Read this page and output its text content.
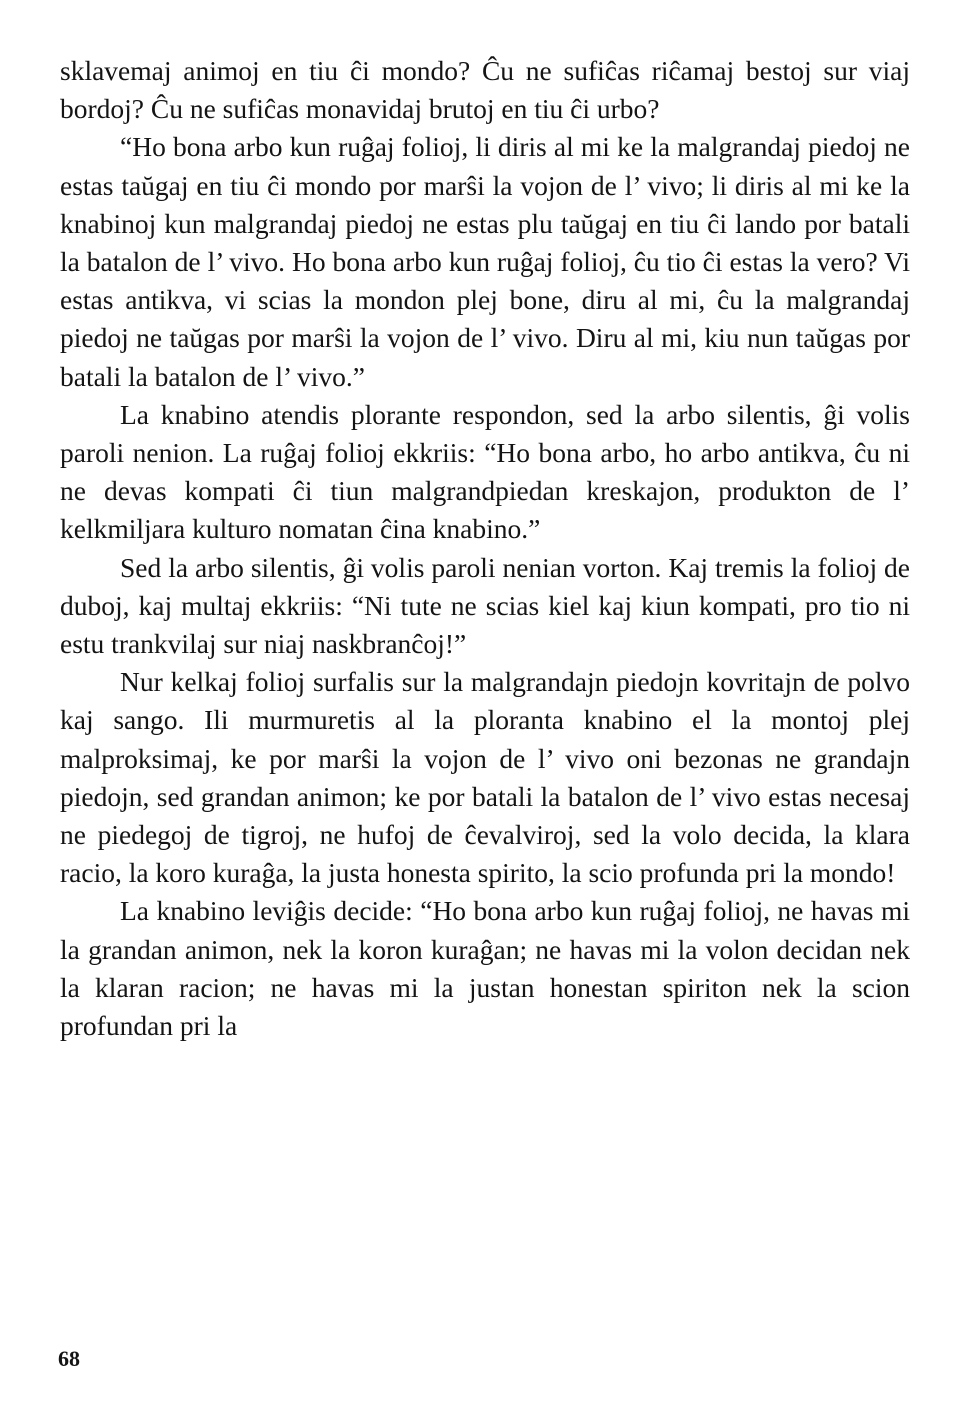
sklavemaj animoj en tiu ĉi mondo? Ĉu ne sufiĉas riĉamaj bestoj sur viaj bordoj? Ĉu ne sufiĉas monavidaj brutoj en tiu ĉi urbo?

“Ho bona arbo kun ruĝaj folioj, li diris al mi ke la malgrandaj piedoj ne estas taŭgaj en tiu ĉi mondo por marŝi la vojon de l’ vivo; li diris al mi ke la knabinoj kun malgrandaj piedoj ne estas plu taŭgaj en tiu ĉi lando por batali la batalon de l’ vivo. Ho bona arbo kun ruĝaj folioj, ĉu tio ĉi estas la vero? Vi estas antikva, vi scias la mondon plej bone, diru al mi, ĉu la malgrandaj piedoj ne taŭgas por marŝi la vojon de l’ vivo. Diru al mi, kiu nun taŭgas por batali la batalon de l’ vivo.”

La knabino atendis plorante respondon, sed la arbo silentis, ĝi volis paroli nenion. La ruĝaj folioj ekkriis: “Ho bona arbo, ho arbo antikva, ĉu ni ne devas kompati ĉi tiun malgrandpiedan kreskajon, produkton de l’ kelkmiljara kulturo nomatan ĉina knabino.”

Sed la arbo silentis, ĝi volis paroli nenian vorton. Kaj tremis la folioj de duboj, kaj multaj ekkriis: “Ni tute ne scias kiel kaj kiun kompati, pro tio ni estu trankvilaj sur niaj naskbranĉoj!”

Nur kelkaj folioj surfalis sur la malgrandajn piedojn kovritajn de polvo kaj sango. Ili murmuretis al la ploranta knabino el la montoj plej malproksimaj, ke por marŝi la vojon de l’ vivo oni bezonas ne grandajn piedojn, sed grandan animon; ke por batali la batalon de l’ vivo estas necesaj ne piedegoj de tigroj, ne hufoj de ĉevalviroj, sed la volo decida, la klara racio, la koro kuraĝa, la justa honesta spirito, la scio profunda pri la mondo!

La knabino leviĝis decide: “Ho bona arbo kun ruĝaj folioj, ne havas mi la grandan animon, nek la koron kuraĝan; ne havas mi la volon decidan nek la klaran racion; ne havas mi la justan honestan spiriton nek la scion profundan pri la

68
